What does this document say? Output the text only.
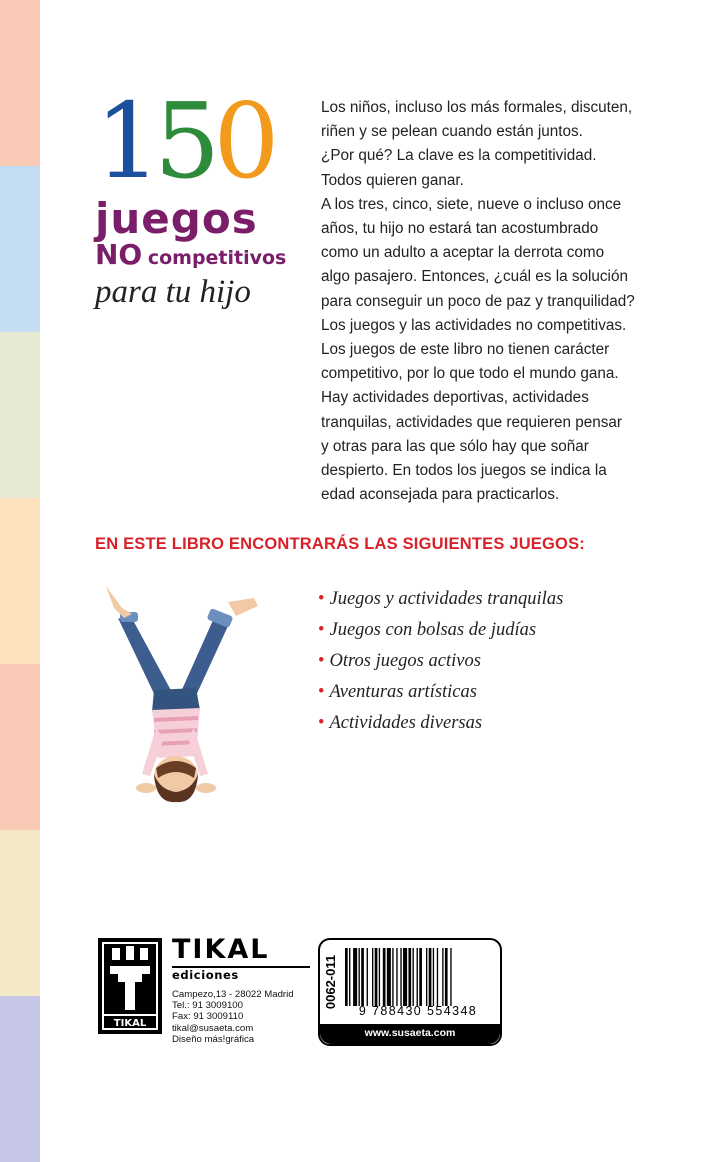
150
juegos
NO competitivos
para tu hijo
Los niños, incluso los más formales, discuten,
riñen y se pelean cuando están juntos.
¿Por qué? La clave es la competitividad.
Todos quieren ganar.
A los tres, cinco, siete, nueve o incluso once
años, tu hijo no estará tan acostumbrado
como un adulto a aceptar la derrota como
algo pasajero. Entonces, ¿cuál es la solución
para conseguir un poco de paz y tranquilidad?
Los juegos y las actividades no competitivas.
Los juegos de este libro no tienen carácter
competitivo, por lo que todo el mundo gana.
Hay actividades deportivas, actividades
tranquilas, actividades que requieren pensar
y otras para las que sólo hay que soñar
despierto. En todos los juegos se indica la
edad aconsejada para practicarlos.
EN ESTE LIBRO ENCONTRARÁS LAS SIGUIENTES JUEGOS:
• Juegos y actividades tranquilas
• Juegos con bolsas de judías
• Otros juegos activos
• Aventuras artísticas
• Actividades diversas
TIKAL
TIKAL
ediciones
Campezo,13 - 28022 Madrid
Tel.: 91 3009100
Fax: 91 3009110
tikal@susaeta.com
Diseño más!gráfica
0062-011
9 788430 554348
www.susaeta.com
